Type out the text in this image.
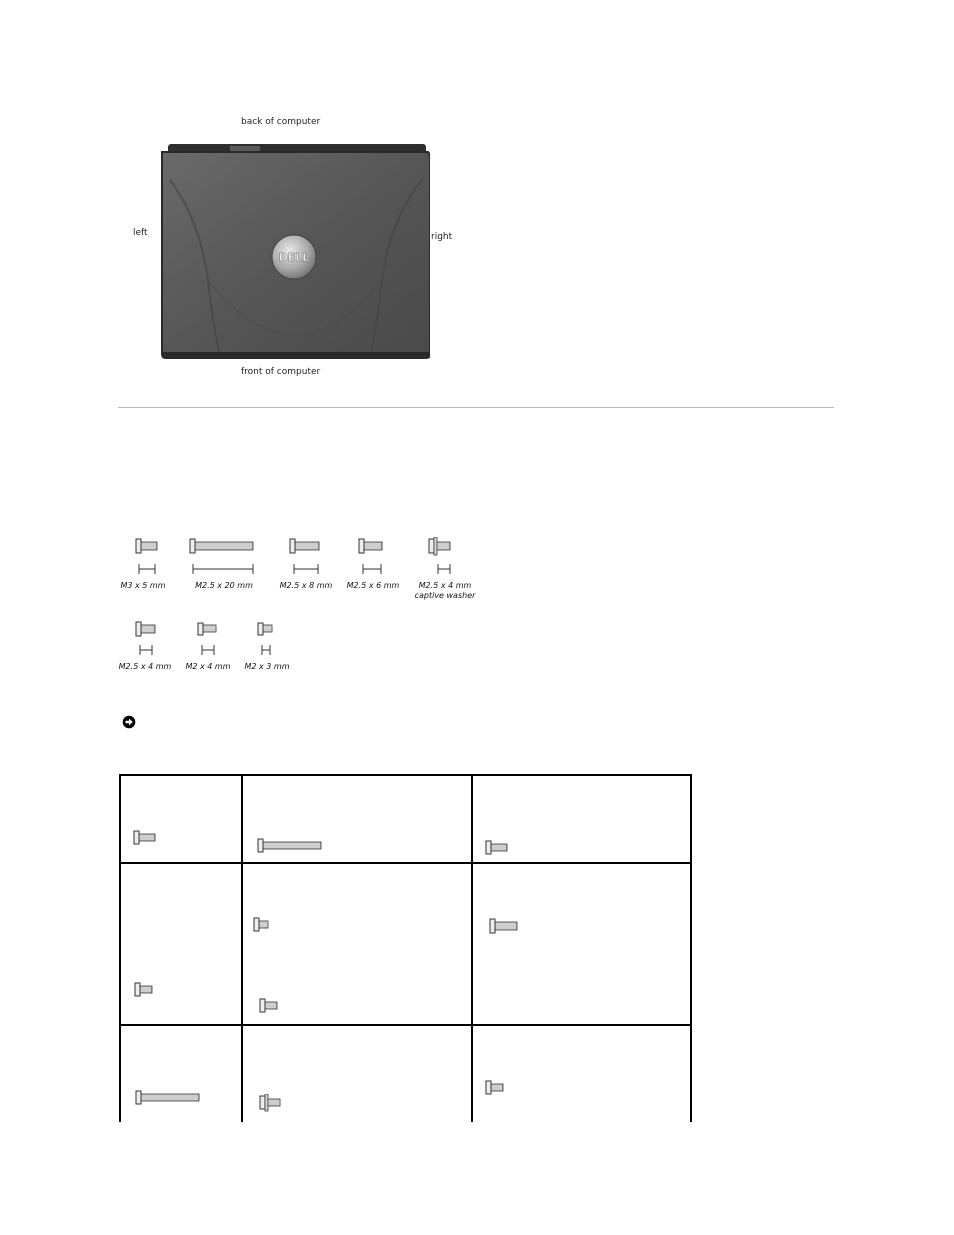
back of computer
left	right
front of computer
DELL
M3 x 5 mm	M2.5 x 20 mm	M2.5 x 8 mm	M2.5 x 6 mm	M2.5 x 4 mm
captive washer
M2.5 x 4 mm	M2 x 4 mm	M2 x 3 mm
